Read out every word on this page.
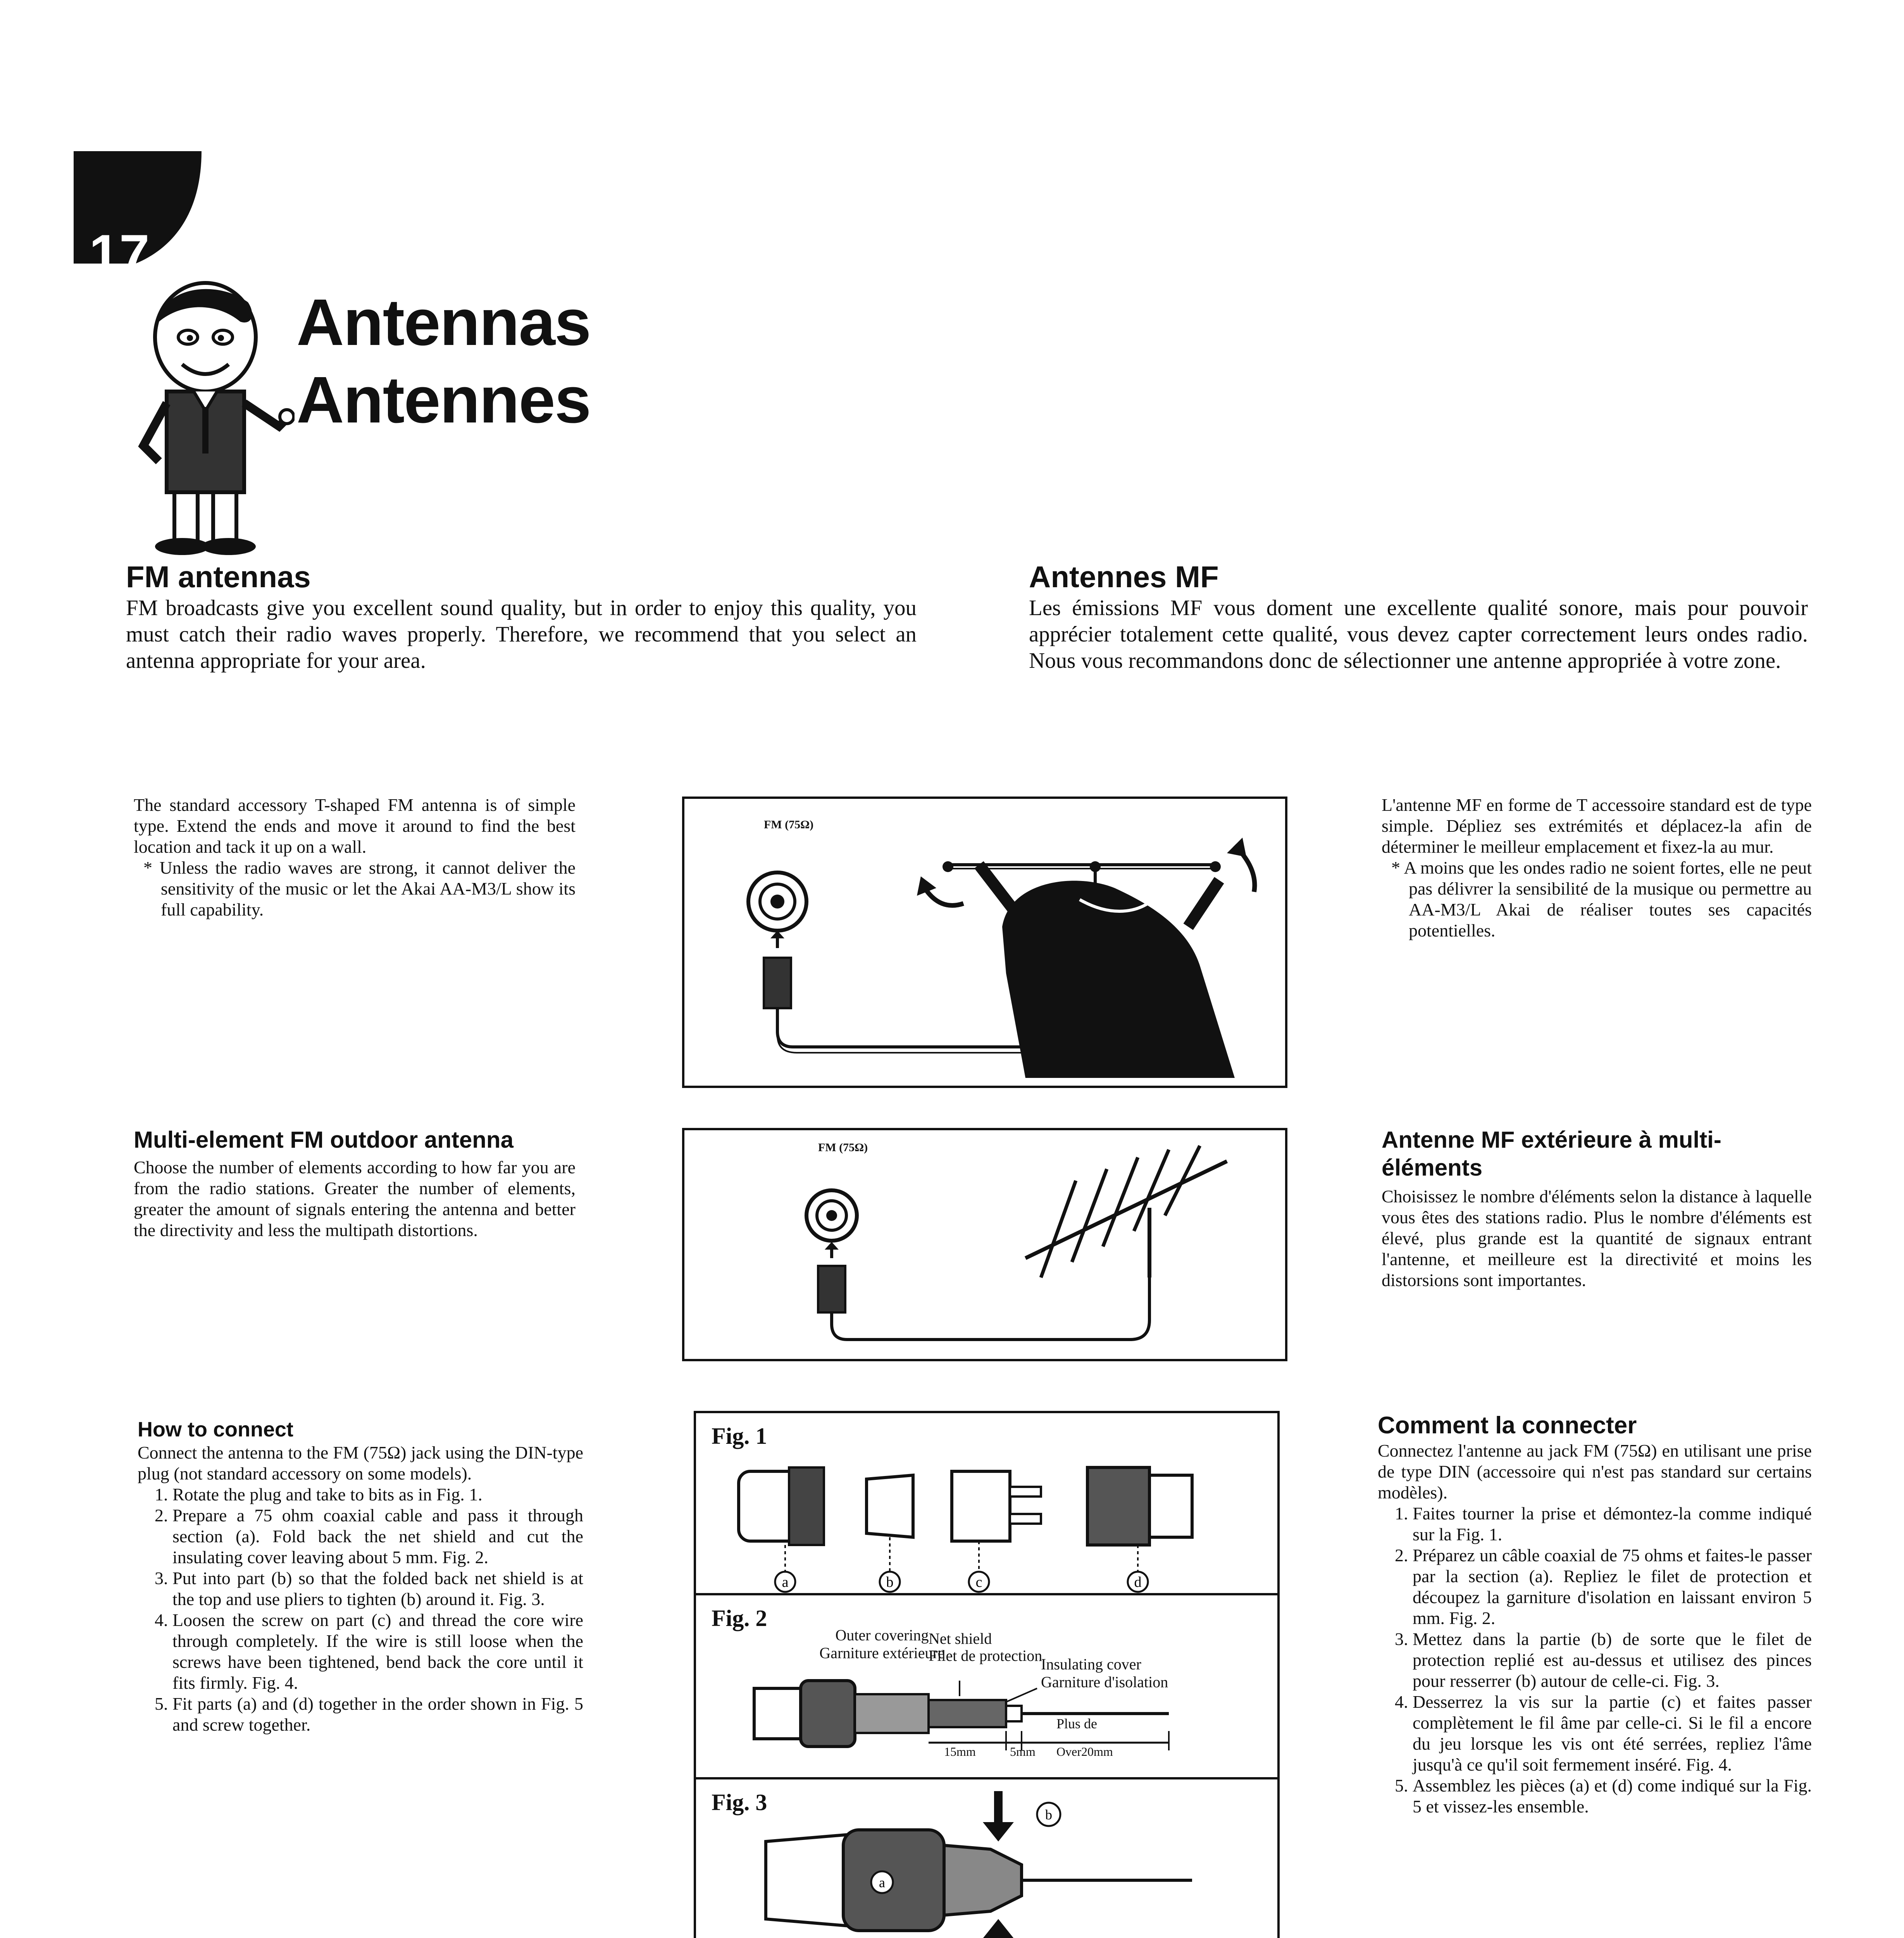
17
Antennas
Antennes
FM antennas
FM broadcasts give you excellent sound quality, but in order to enjoy this quality, you must catch their radio waves properly. Therefore, we recommend that you select an antenna appropriate for your area.
Antennes MF
Les émissions MF vous doment une excellente qualité sonore, mais pour pouvoir apprécier totalement cette qualité, vous devez capter correctement leurs ondes radio. Nous vous recommandons donc de sélectionner une antenne appropriée à votre zone.

The standard accessory T-shaped FM antenna is of simple type. Extend the ends and move it around to find the best location and tack it up on a wall.

* Unless the radio waves are strong, it cannot deliver the sensitivity of the music or let the Akai AA-M3/L show its full capability.
FM (75Ω)

L'antenne MF en forme de T accessoire standard est de type simple. Dépliez ses extrémités et déplacez-la afin de déterminer le meilleur emplacement et fixez-la au mur.

* A moins que les ondes radio ne soient fortes, elle ne peut pas délivrer la sensibilité de la musique ou permettre au AA-M3/L Akai de réaliser toutes ses capacités potentielles.
Multi-element FM outdoor antenna
Choose the number of elements according to how far you are from the radio stations. Greater the number of elements, greater the amount of signals entering the antenna and better the directivity and less the multipath distortions.
FM (75Ω)	Antenne MF extérieure à multi-éléments
Choisissez le nombre d'éléments selon la distance à laquelle vous êtes des stations radio. Plus le nombre d'éléments est élevé, plus grande est la quantité de signaux entrant l'antenne, et meilleure est la directivité et moins les distorsions sont importantes.
How to connect

Connect the antenna to the FM (75Ω) jack using the DIN-type plug (not standard accessory on some models).

1. Rotate the plug and take to bits as in Fig. 1.
2. Prepare a 75 ohm coaxial cable and pass it through section (a). Fold back the net shield and cut the insulating cover leaving about 5 mm. Fig. 2.
3. Put into part (b) so that the folded back net shield is at the top and use pliers to tighten (b) around it. Fig. 3.
4. Loosen the screw on part (c) and thread the core wire through completely. If the wire is still loose when the screws have been tightened, bend back the core until it fits firmly. Fig. 4.
5. Fit parts (a) and (d) together in the order shown in Fig. 5 and screw together.
Fig. 1
a	b	c	d
Fig. 2
Outer covering
Garniture extérieure
Net shield
Filet de protection
Insulating cover
Garniture d'isolation
Plus de
15mm	5mm Over20mm
Fig. 3
a
b
Comment la connecter

Connectez l'antenne au jack FM (75Ω) en utilisant une prise de type DIN (accessoire qui n'est pas standard sur certains modèles).

1. Faites tourner la prise et démontez-la comme indiqué sur la Fig. 1.
2. Préparez un câble coaxial de 75 ohms et faites-le passer par la section (a). Repliez le filet de protection et découpez la garniture d'isolation en laissant environ 5 mm. Fig. 2.
3. Mettez dans la partie (b) de sorte que le filet de protection replié est au-dessus et utilisez des pinces pour resserrer (b) autour de celle-ci. Fig. 3.
4. Desserrez la vis sur la partie (c) et faites passer complètement le fil âme par celle-ci. Si le fil a encore du jeu lorsque les vis ont été serrées, repliez l'âme jusqu'à ce qu'il soit fermement inséré. Fig. 4.
5. Assemblez les pièces (a) et (d) come indiqué sur la Fig. 5 et vissez-les ensemble.
